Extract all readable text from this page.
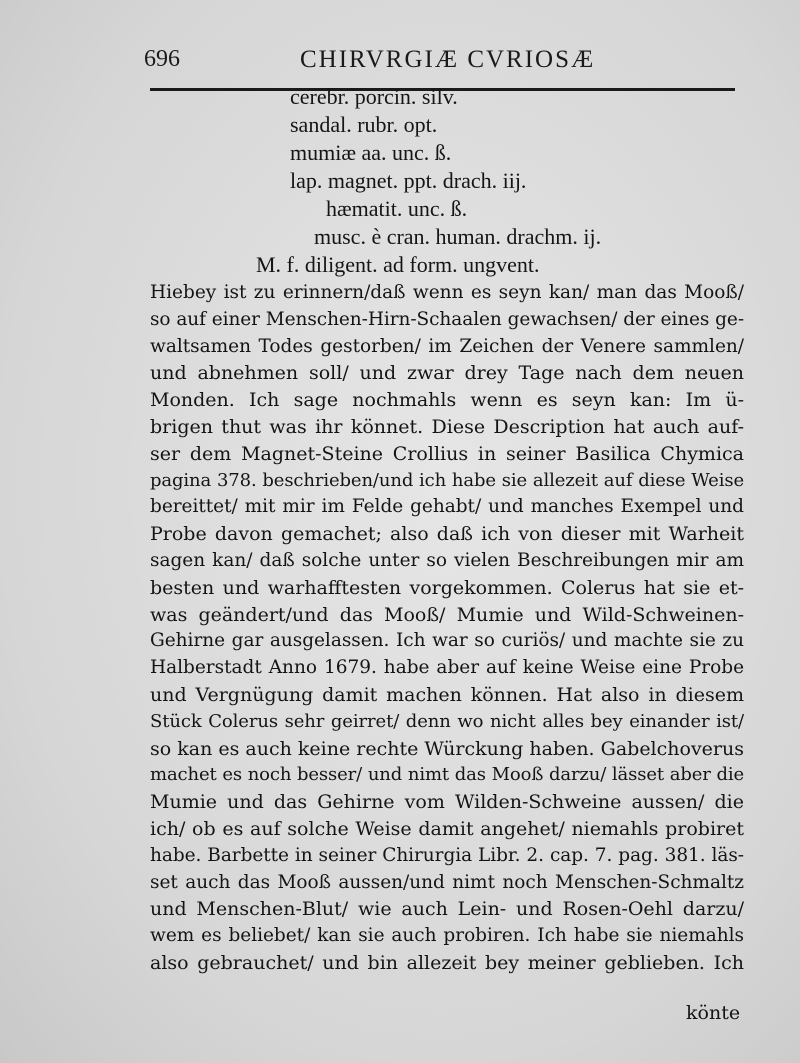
696	CHIRVRGIÆ CVRIOSÆ
cerebr. porcin. silv.
sandal. rubr. opt.
mumiæ aa. unc. ß.
lap. magnet. ppt. drach. iij.
hæmatit. unc. ß.
musc. è cran. human. drachm. ij.
M. f. diligent. ad form. ungvent.
Hiebey ist zu erinnern/daß wenn es seyn kan/ man das Mooß/
so auf einer Menschen-Hirn-Schaalen gewachsen/ der eines ge-
waltsamen Todes gestorben/ im Zeichen der Venere sammlen/
und abnehmen soll/ und zwar drey Tage nach dem neuen
Monden. Ich sage nochmahls wenn es seyn kan: Im ü-
brigen thut was ihr könnet. Diese Description hat auch auf-
ser dem Magnet-Steine Crollius in seiner Basilica Chymica
pagina 378. beschrieben/und ich habe sie allezeit auf diese Weise
bereittet/ mit mir im Felde gehabt/ und manches Exempel und
Probe davon gemachet; also daß ich von dieser mit Warheit
sagen kan/ daß solche unter so vielen Beschreibungen mir am
besten und warhafftesten vorgekommen. Colerus hat sie et-
was geändert/und das Mooß/ Mumie und Wild-Schweinen-
Gehirne gar ausgelassen. Ich war so curiös/ und machte sie zu
Halberstadt Anno 1679. habe aber auf keine Weise eine Probe
und Vergnügung damit machen können. Hat also in diesem
Stück Colerus sehr geirret/ denn wo nicht alles bey einander ist/
so kan es auch keine rechte Würckung haben. Gabelchoverus
machet es noch besser/ und nimt das Mooß darzu/ lässet aber die
Mumie und das Gehirne vom Wilden-Schweine aussen/ die
ich/ ob es auf solche Weise damit angehet/ niemahls probiret
habe. Barbette in seiner Chirurgia Libr. 2. cap. 7. pag. 381. läs-
set auch das Mooß aussen/und nimt noch Menschen-Schmaltz
und Menschen-Blut/ wie auch Lein- und Rosen-Oehl darzu/
wem es beliebet/ kan sie auch probiren. Ich habe sie niemahls
also gebrauchet/ und bin allezeit bey meiner geblieben. Ich
könte
